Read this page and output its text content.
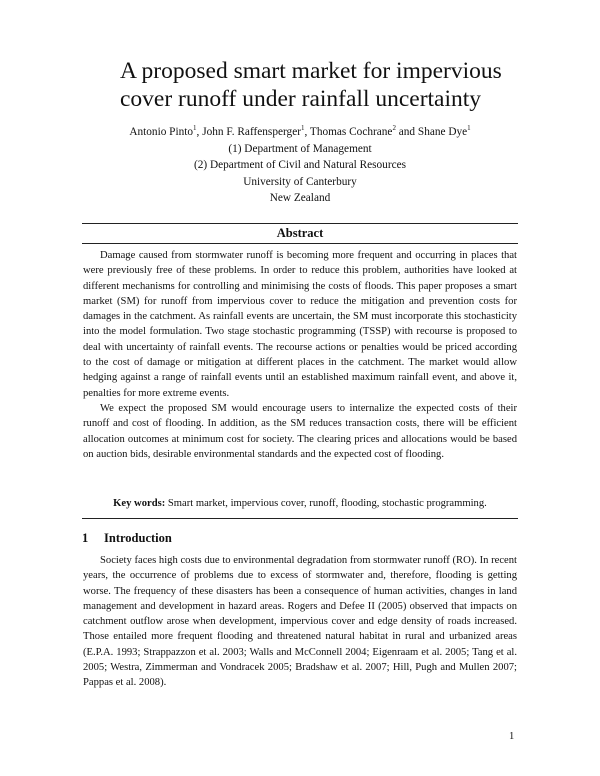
A proposed smart market for impervious cover runoff under rainfall uncertainty
Antonio Pinto$^1$, John F. Raffensperger$^1$, Thomas Cochrane$^2$ and Shane Dye$^1$
(1) Department of Management
(2) Department of Civil and Natural Resources
University of Canterbury
New Zealand
Abstract

Damage caused from stormwater runoff is becoming more frequent and occurring in places that were previously free of these problems. In order to reduce this problem, authorities have looked at different mechanisms for controlling and minimising the costs of floods. This paper proposes a smart market (SM) for runoff from impervious cover to reduce the mitigation and prevention costs for damages in the catchment. As rainfall events are uncertain, the SM must incorporate this stochasticity into the model formulation. Two stage stochastic programming (TSSP) with recourse is proposed to deal with uncertainty of rainfall events. The recourse actions or penalties would be priced according to the cost of damage or mitigation at different places in the catchment. The market would allow hedging against a range of rainfall events until an established maximum rainfall event, and above it, penalties for more extreme events.

We expect the proposed SM would encourage users to internalize the expected costs of their runoff and cost of flooding. In addition, as the SM reduces transaction costs, there will be efficient allocation outcomes at minimum cost for society. The clearing prices and allocations would be based on auction bids, desirable environmental standards and the expected cost of flooding.

Key words: Smart market, impervious cover, runoff, flooding, stochastic programming.
1 Introduction

Society faces high costs due to environmental degradation from stormwater runoff (RO). In recent years, the occurrence of problems due to excess of stormwater and, therefore, flooding is getting worse. The frequency of these disasters has been a consequence of human activities, changes in land management and development in hazard areas. Rogers and Defee II (2005) observed that impacts on catchment outflow arose when development, impervious cover and edge density of roads increased. Those entailed more frequent flooding and threatened natural habitat in rural and urbanized areas (E.P.A. 1993; Strappazzon et al. 2003; Walls and McConnell 2004; Eigenraam et al. 2005; Tang et al. 2005; Westra, Zimmerman and Vondracek 2005; Bradshaw et al. 2007; Hill, Pugh and Mullen 2007; Pappas et al. 2008).

1
